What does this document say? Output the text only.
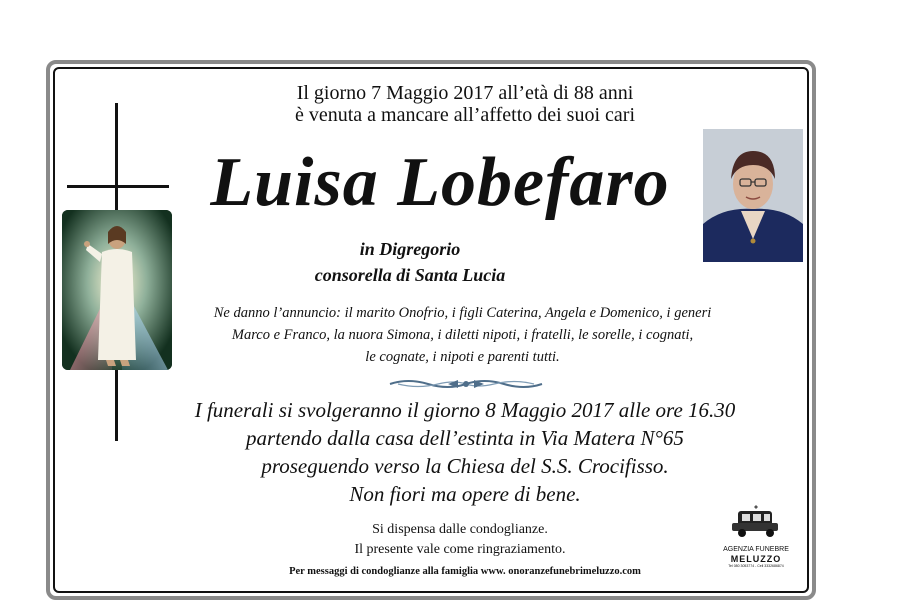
Il giorno 7 Maggio 2017 all’età di 88 anni
è venuta a mancare all’affetto dei suoi cari
Luisa Lobefaro
in Digregorio
consorella di Santa Lucia
Ne danno l’annuncio: il marito Onofrio, i figli Caterina, Angela e Domenico, i generi
Marco e Franco, la nuora Simona, i diletti nipoti, i fratelli, le sorelle, i cognati,
le cognate, i nipoti e parenti tutti.
I funerali si svolgeranno il giorno 8 Maggio 2017 alle ore 16.30
partendo dalla casa dell’estinta in Via Matera N°65
proseguendo verso la Chiesa del S.S. Crocifisso.
Non fiori ma opere di bene.
Si dispensa dalle condoglianze.
Il presente vale come ringraziamento.
Per messaggi di condoglianze alla famiglia www. onoranzefunebrimeluzzo.com
AGENZIA FUNEBRE
MELUZZO
Tel 080 3053774 - Cell 3332686874
